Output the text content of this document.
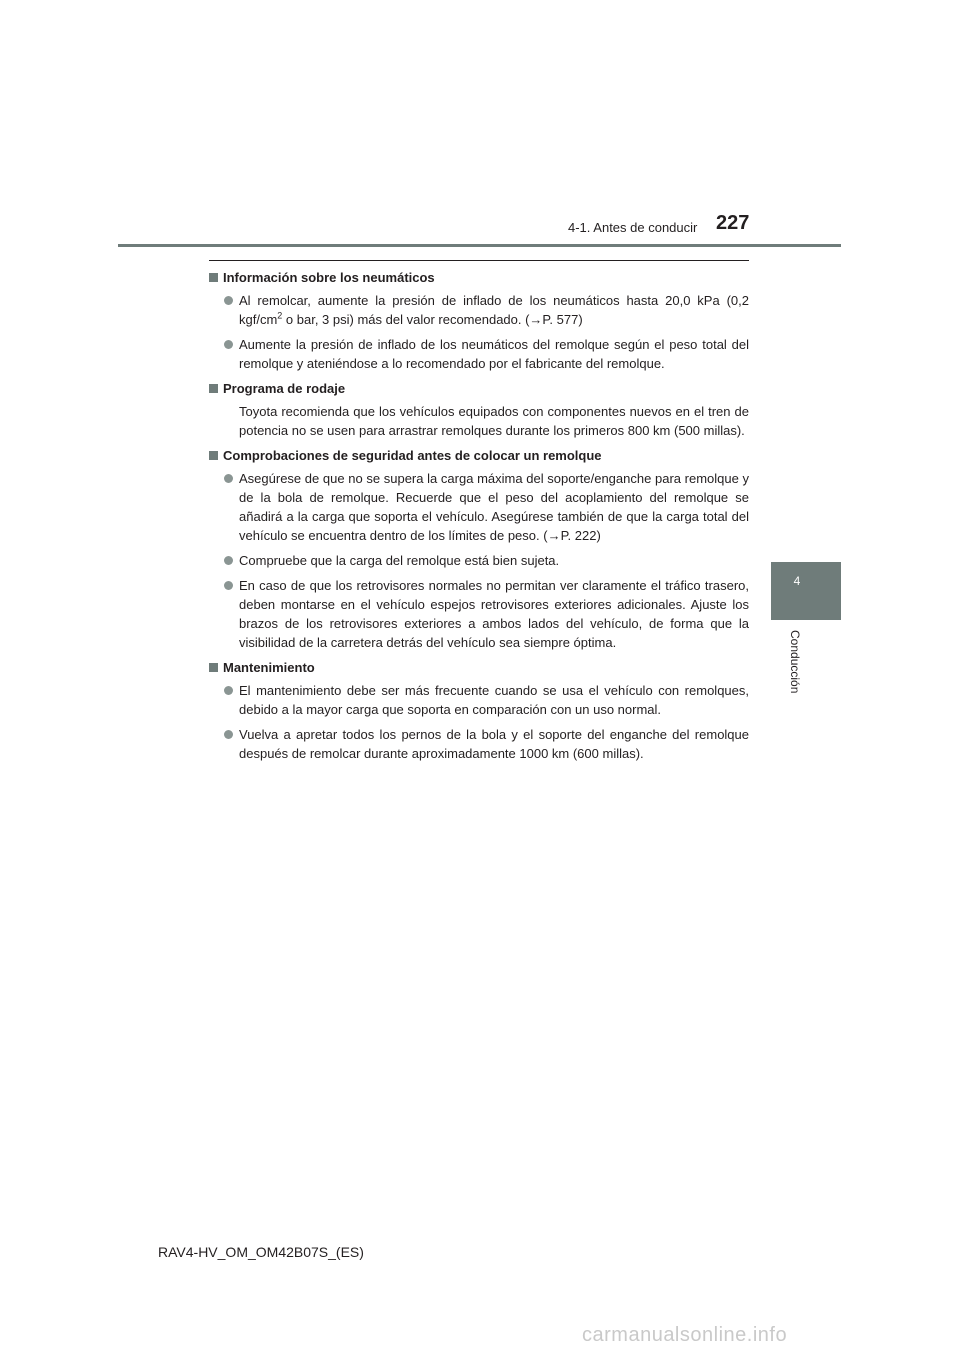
4-1. Antes de conducir 227
4
Conducción
Información sobre los neumáticos
Al remolcar, aumente la presión de inflado de los neumáticos hasta 20,0 kPa (0,2 kgf/$cm^2$ o bar, 3 psi) más del valor recomendado. (→P. 577)
Aumente la presión de inflado de los neumáticos del remolque según el peso total del remolque y ateniéndose a lo recomendado por el fabricante del remolque.
Programa de rodaje
Toyota recomienda que los vehículos equipados con componentes nuevos en el tren de potencia no se usen para arrastrar remolques durante los primeros 800 km (500 millas).
Comprobaciones de seguridad antes de colocar un remolque
Asegúrese de que no se supera la carga máxima del soporte/enganche para remolque y de la bola de remolque. Recuerde que el peso del acoplamiento del remolque se añadirá a la carga que soporta el vehículo. Asegúrese también de que la carga total del vehículo se encuentra dentro de los límites de peso. (→P. 222)
Compruebe que la carga del remolque está bien sujeta.
En caso de que los retrovisores normales no permitan ver claramente el tráfico trasero, deben montarse en el vehículo espejos retrovisores exteriores adicionales. Ajuste los brazos de los retrovisores exteriores a ambos lados del vehículo, de forma que la visibilidad de la carretera detrás del vehículo sea siempre óptima.
Mantenimiento
El mantenimiento debe ser más frecuente cuando se usa el vehículo con remolques, debido a la mayor carga que soporta en comparación con un uso normal.
Vuelva a apretar todos los pernos de la bola y el soporte del enganche del remolque después de remolcar durante aproximadamente 1000 km (600 millas).
RAV4-HV_OM_OM42B07S_(ES)
carmanualsonline.info
